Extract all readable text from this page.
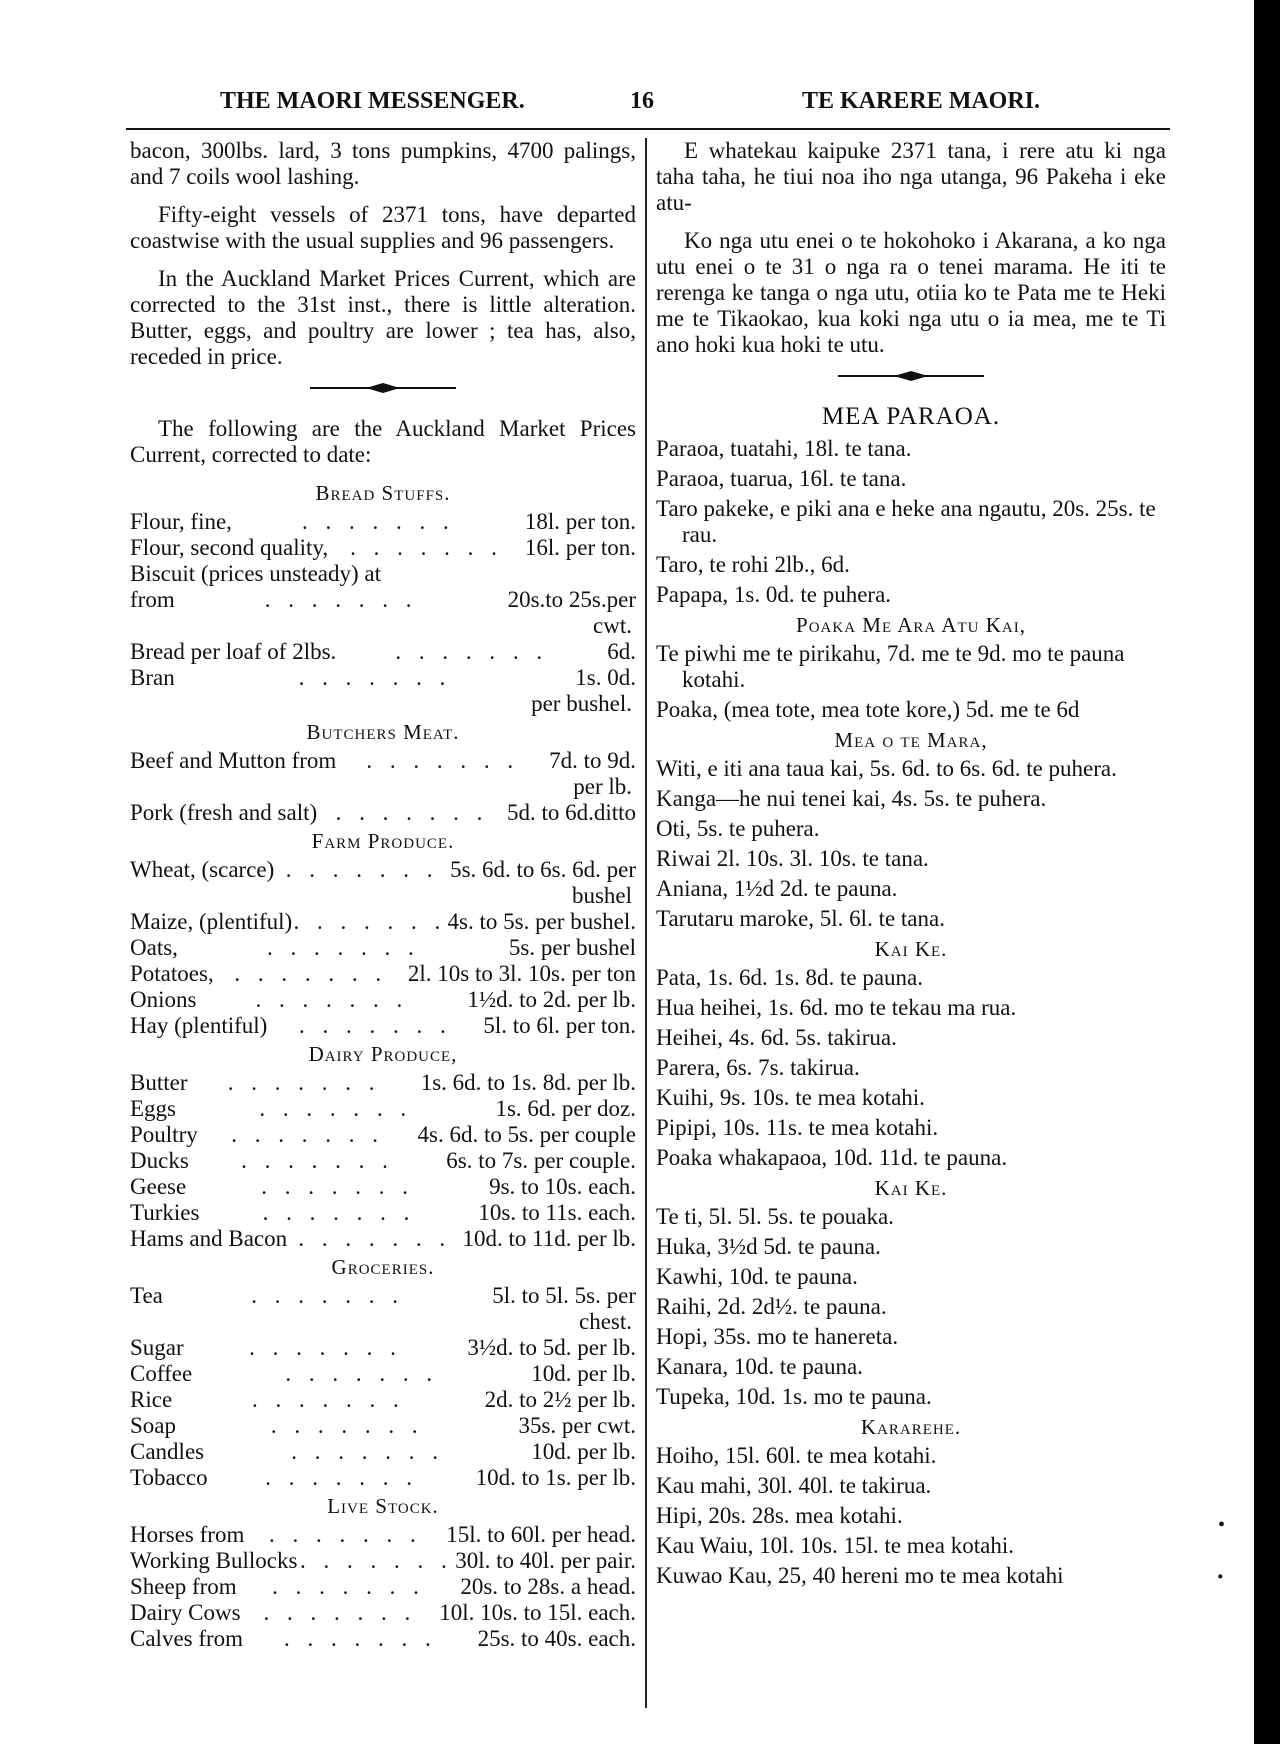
THE MAORI MESSENGER.	16	TE KARERE MAORI.

bacon, 300lbs. lard, 3 tons pumpkins, 4700 palings, and 7 coils wool lashing.

Fifty-eight vessels of 2371 tons, have departed coastwise with the usual supplies and 96 passengers.

In the Auckland Market Prices Current, which are corrected to the 31st inst., there is little alteration. Butter, eggs, and poultry are lower ; tea has, also, receded in price.

The following are the Auckland Market Prices Current, corrected to date:

Bread Stuffs.
Flour, fine,	. . . . . . .	18l. per ton.
Flour, second quality, . . . . . . . 16l. per ton.
Biscuit (prices unsteady) at
from	. . . . . . .	20s.to 25s.per
cwt.
Bread per loaf of 2lbs.	. . . . . . .	6d.
Bran	. . . . . . .	1s. 0d.
per bushel.
Butchers Meat.
Beef and Mutton from	. . . . . . .	7d. to 9d.
per lb.
Pork (fresh and salt) . . . . . . . 5d. to 6d.ditto
Farm Produce.
Wheat, (scarce) . . . . . . . 5s. 6d. to 6s. 6d. per
bushel
Maize, (plentiful) . . . . . . . 4s. to 5s. per bushel.
Oats,	. . . . . . .	5s. per bushel
Potatoes, . . . . . . . 2l. 10s to 3l. 10s. per ton
Onions	. . . . . . .	1½d. to 2d. per lb.
Hay (plentiful)	. . . . . . .	5l. to 6l. per ton.
Dairy Produce,
Butter	. . . . . . .	1s. 6d. to 1s. 8d. per lb.
Eggs	. . . . . . .	1s. 6d. per doz.
Poultry	. . . . . . .	4s. 6d. to 5s. per couple
Ducks	. . . . . . .	6s. to 7s. per couple.
Geese	. . . . . . .	9s. to 10s. each.
Turkies	. . . . . . .	10s. to 11s. each.
Hams and Bacon . . . . . . . 10d. to 11d. per lb.
Groceries.
Tea	. . . . . . .	5l. to 5l. 5s. per
chest.
Sugar	. . . . . . .	3½d. to 5d. per lb.
Coffee	. . . . . . .	10d. per lb.
Rice	. . . . . . .	2d. to 2½ per lb.
Soap	. . . . . . .	35s. per cwt.
Candles	. . . . . . .	10d. per lb.
Tobacco	. . . . . . .	10d. to 1s. per lb.
Live Stock.
Horses from	. . . . . . .	15l. to 60l. per head.
Working Bullocks . . . . . . . 30l. to 40l. per pair.
Sheep from	. . . . . . .	20s. to 28s. a head.
Dairy Cows . . . . . . . 10l. 10s. to 15l. each.
Calves from	. . . . . . .	25s. to 40s. each.

E whatekau kaipuke 2371 tana, i rere atu ki nga taha taha, he tiui noa iho nga utanga, 96 Pakeha i eke atu-

Ko nga utu enei o te hokohoko i Akarana, a ko nga utu enei o te 31 o nga ra o tenei marama. He iti te rerenga ke tanga o nga utu, otiia ko te Pata me te Heki me te Tikaokao, kua koki nga utu o ia mea, me te Ti ano hoki kua hoki te utu.

MEA PARAOA.

Paraoa, tuatahi, 18l. te tana.

Paraoa, tuarua, 16l. te tana.

Taro pakeke, e piki ana e heke ana ngautu, 20s. 25s. te rau.

Taro, te rohi 2lb., 6d.

Papapa, 1s. 0d. te puhera.

Poaka Me Ara Atu Kai,

Te piwhi me te pirikahu, 7d. me te 9d. mo te pauna kotahi.

Poaka, (mea tote, mea tote kore,) 5d. me te 6d

Mea o te Mara,

Witi, e iti ana taua kai, 5s. 6d. to 6s. 6d. te puhera.

Kanga—he nui tenei kai, 4s. 5s. te puhera.

Oti, 5s. te puhera.

Riwai 2l. 10s. 3l. 10s. te tana.

Aniana, 1½d 2d. te pauna.

Tarutaru maroke, 5l. 6l. te tana.

Kai Ke.

Pata, 1s. 6d. 1s. 8d. te pauna.

Hua heihei, 1s. 6d. mo te tekau ma rua.

Heihei, 4s. 6d. 5s. takirua.

Parera, 6s. 7s. takirua.

Kuihi, 9s. 10s. te mea kotahi.

Pipipi, 10s. 11s. te mea kotahi.

Poaka whakapaoa, 10d. 11d. te pauna.

Kai Ke.

Te ti, 5l. 5l. 5s. te pouaka.

Huka, 3½d 5d. te pauna.

Kawhi, 10d. te pauna.

Raihi, 2d. 2d½. te pauna.

Hopi, 35s. mo te hanereta.

Kanara, 10d. te pauna.

Tupeka, 10d. 1s. mo te pauna.

Kararehe.

Hoiho, 15l. 60l. te mea kotahi.

Kau mahi, 30l. 40l. te takirua.

Hipi, 20s. 28s. mea kotahi.

Kau Waiu, 10l. 10s. 15l. te mea kotahi.

Kuwao Kau, 25, 40 hereni mo te mea kotahi

•
·
